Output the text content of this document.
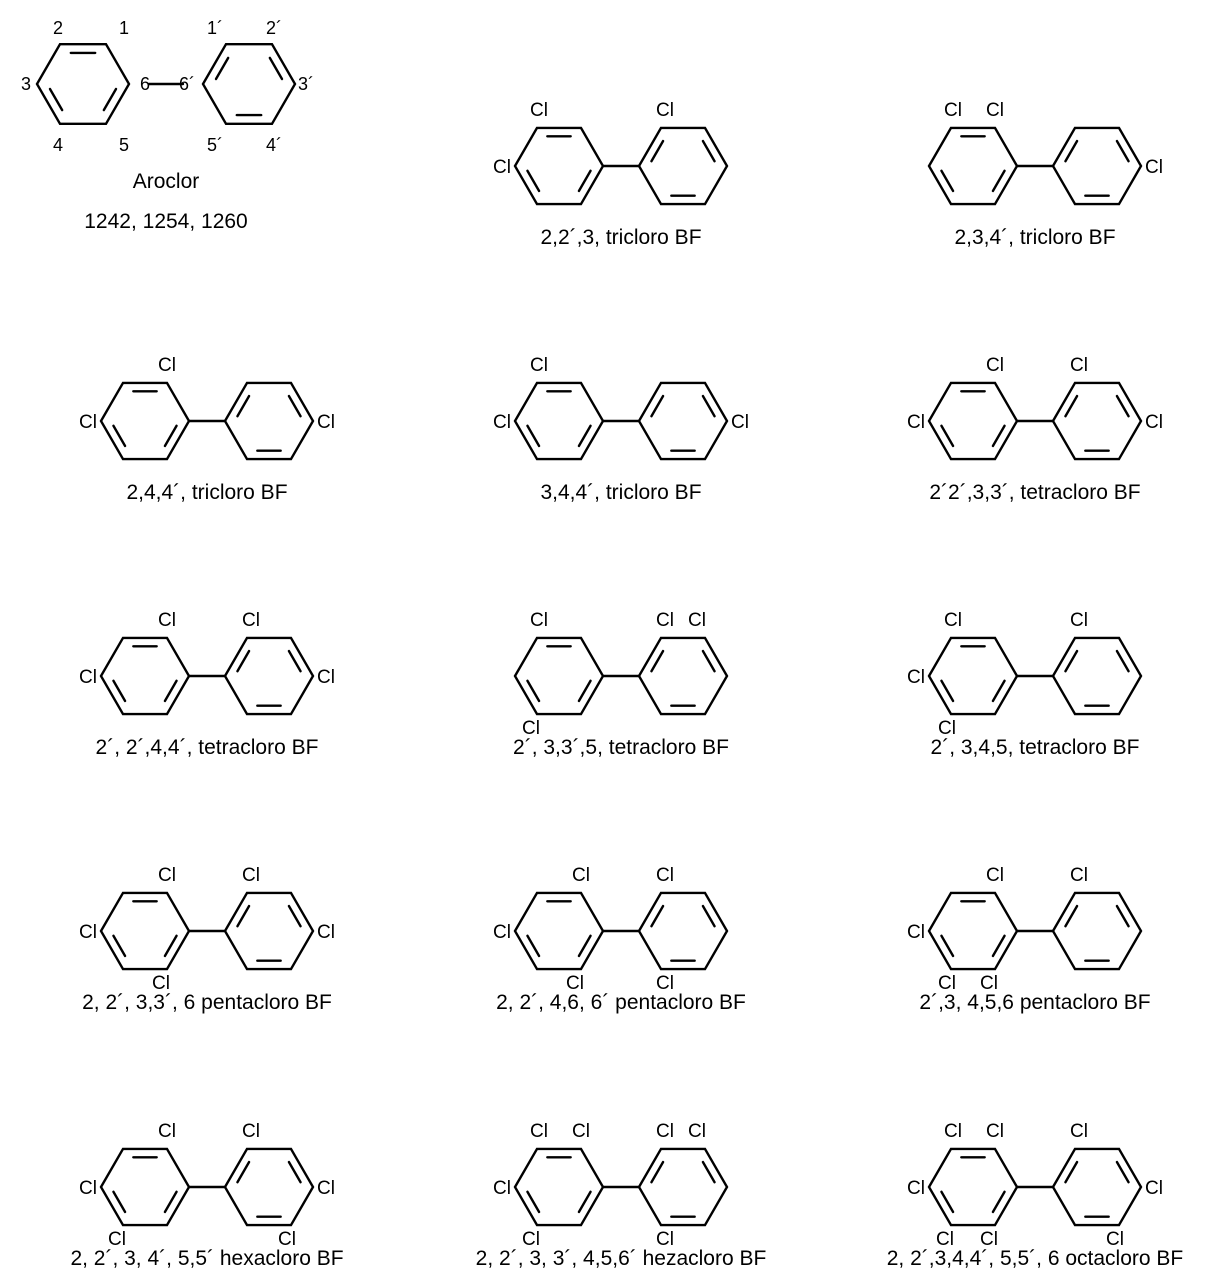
2	1
3	6
4	5
6´
1´ 2´
3´
5´ 4´
Aroclor
1242, 1254, 1260
Cl
Cl
Cl
2,2´,3, tricloro BF
Cl
Cl
Cl
2,3,4´, tricloro BF
Cl
Cl	Cl
2,4,4´, tricloro BF
Cl
Cl	Cl
3,4,4´, tricloro BF
Cl
Cl
Cl
Cl
2´2´,3,3´, tetracloro BF
Cl
Cl
Cl
Cl
2´, 2´,4,4´, tetracloro BF
Cl
Cl
Cl Cl
2´, 3,3´,5, tetracloro BF
Cl
Cl
Cl
Cl
2´, 3,4,5, tetracloro BF
Cl
Cl
Cl
Cl
Cl
2, 2´, 3,3´, 6 pentacloro BF
Cl
Cl
Cl
Cl
Cl
2, 2´, 4,6, 6´ pentacloro BF
Cl
Cl
Cl Cl
Cl
2´,3, 4,5,6 pentacloro BF
Cl
Cl
Cl
Cl
Cl
Cl
2, 2´, 3, 4´, 5,5´ hexacloro BF
Cl
Cl
Cl
Cl
Cl Cl
Cl
2, 2´, 3, 3´, 4,5,6´ hezacloro BF
Cl
Cl
Cl
Cl Cl
Cl
Cl
Cl
2, 2´,3,4,4´, 5,5´, 6 octacloro BF
